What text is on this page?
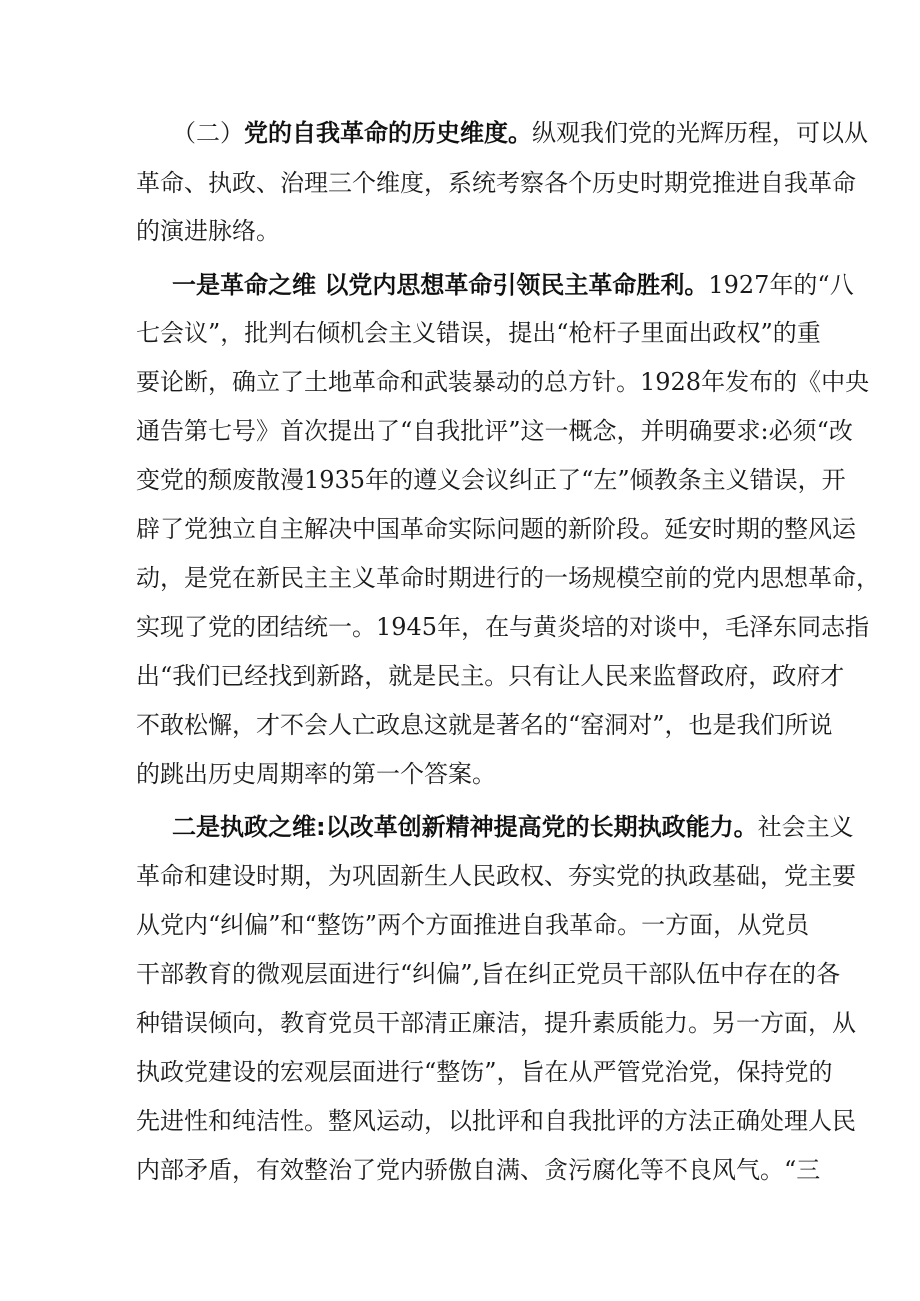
（二）党的自我革命的历史维度。纵观我们党的光辉历程，可以从
革命、执政、治理三个维度，系统考察各个历史时期党推进自我革命
的演进脉络。
一是革命之维 以党内思想革命引领民主革命胜利。1927年的“八
七会议”，批判右倾机会主义错误，提出“枪杆子里面出政权”的重
要论断，确立了土地革命和武装暴动的总方针。1928年发布的《中央
通告第七号》首次提出了“自我批评”这一概念，并明确要求:必须“改
变党的颓废散漫1935年的遵义会议纠正了“左”倾教条主义错误，开
辟了党独立自主解决中国革命实际问题的新阶段。延安时期的整风运
动，是党在新民主主义革命时期进行的一场规模空前的党内思想革命，
实现了党的团结统一。1945年，在与黄炎培的对谈中，毛泽东同志指
出“我们已经找到新路，就是民主。只有让人民来监督政府，政府才
不敢松懈，才不会人亡政息这就是著名的“窑洞对”，也是我们所说
的跳出历史周期率的第一个答案。
二是执政之维:以改革创新精神提高党的长期执政能力。社会主义
革命和建设时期，为巩固新生人民政权、夯实党的执政基础，党主要
从党内“纠偏”和“整饬”两个方面推进自我革命。一方面，从党员
干部教育的微观层面进行“纠偏”,旨在纠正党员干部队伍中存在的各
种错误倾向，教育党员干部清正廉洁，提升素质能力。另一方面，从
执政党建设的宏观层面进行“整饬”，旨在从严管党治党，保持党的
先进性和纯洁性。整风运动，以批评和自我批评的方法正确处理人民
内部矛盾，有效整治了党内骄傲自满、贪污腐化等不良风气。“三
